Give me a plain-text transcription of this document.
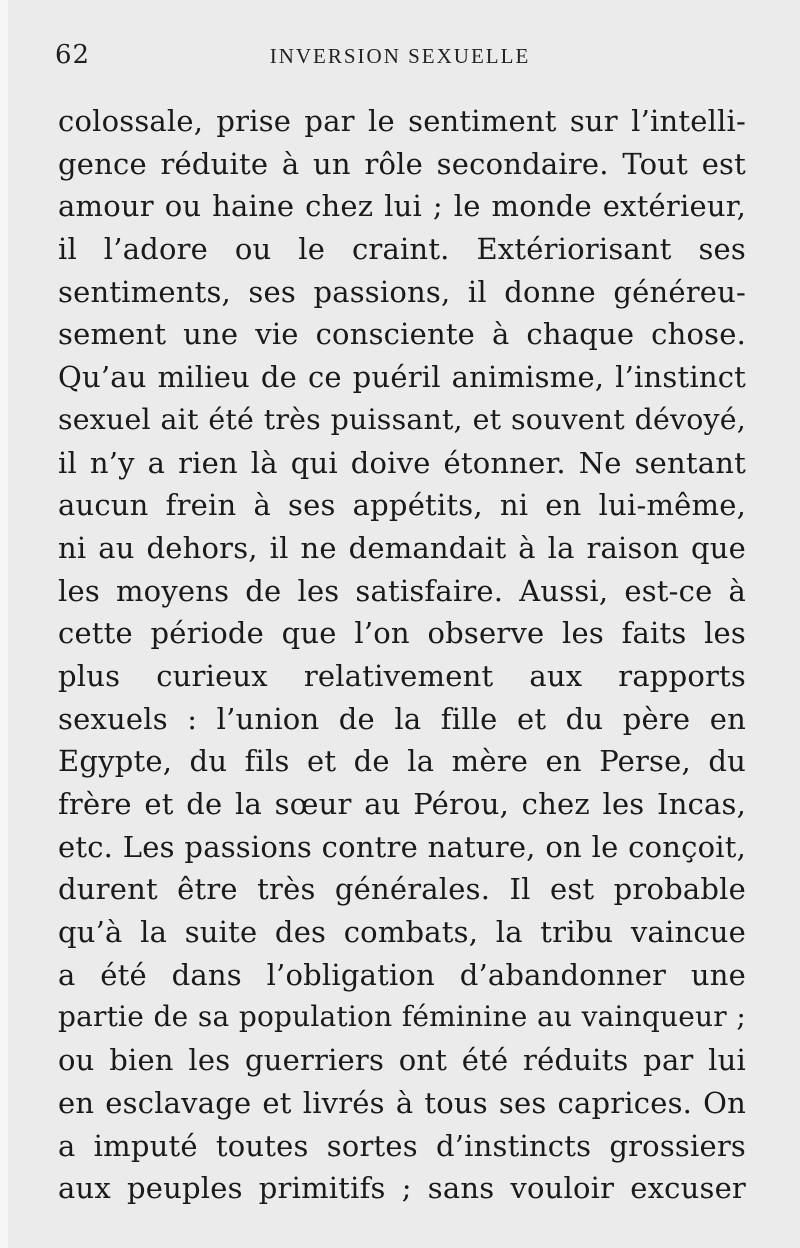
62	INVERSION SEXUELLE
colossale, prise par le sentiment sur l’intelli-
gence réduite à un rôle secondaire. Tout est
amour ou haine chez lui ; le monde extérieur,
il l’adore ou le craint. Extériorisant ses
sentiments, ses passions, il donne généreu-
sement une vie consciente à chaque chose.
Qu’au milieu de ce puéril animisme, l’instinct
sexuel ait été très puissant, et souvent dévoyé,
il n’y a rien là qui doive étonner. Ne sentant
aucun frein à ses appétits, ni en lui-même,
ni au dehors, il ne demandait à la raison que
les moyens de les satisfaire. Aussi, est-ce à
cette période que l’on observe les faits les
plus curieux relativement aux rapports
sexuels : l’union de la fille et du père en
Egypte, du fils et de la mère en Perse, du
frère et de la sœur au Pérou, chez les Incas,
etc. Les passions contre nature, on le conçoit,
durent être très générales. Il est probable
qu’à la suite des combats, la tribu vaincue
a été dans l’obligation d’abandonner une
partie de sa population féminine au vainqueur ;
ou bien les guerriers ont été réduits par lui
en esclavage et livrés à tous ses caprices. On
a imputé toutes sortes d’instincts grossiers
aux peuples primitifs ; sans vouloir excuser
